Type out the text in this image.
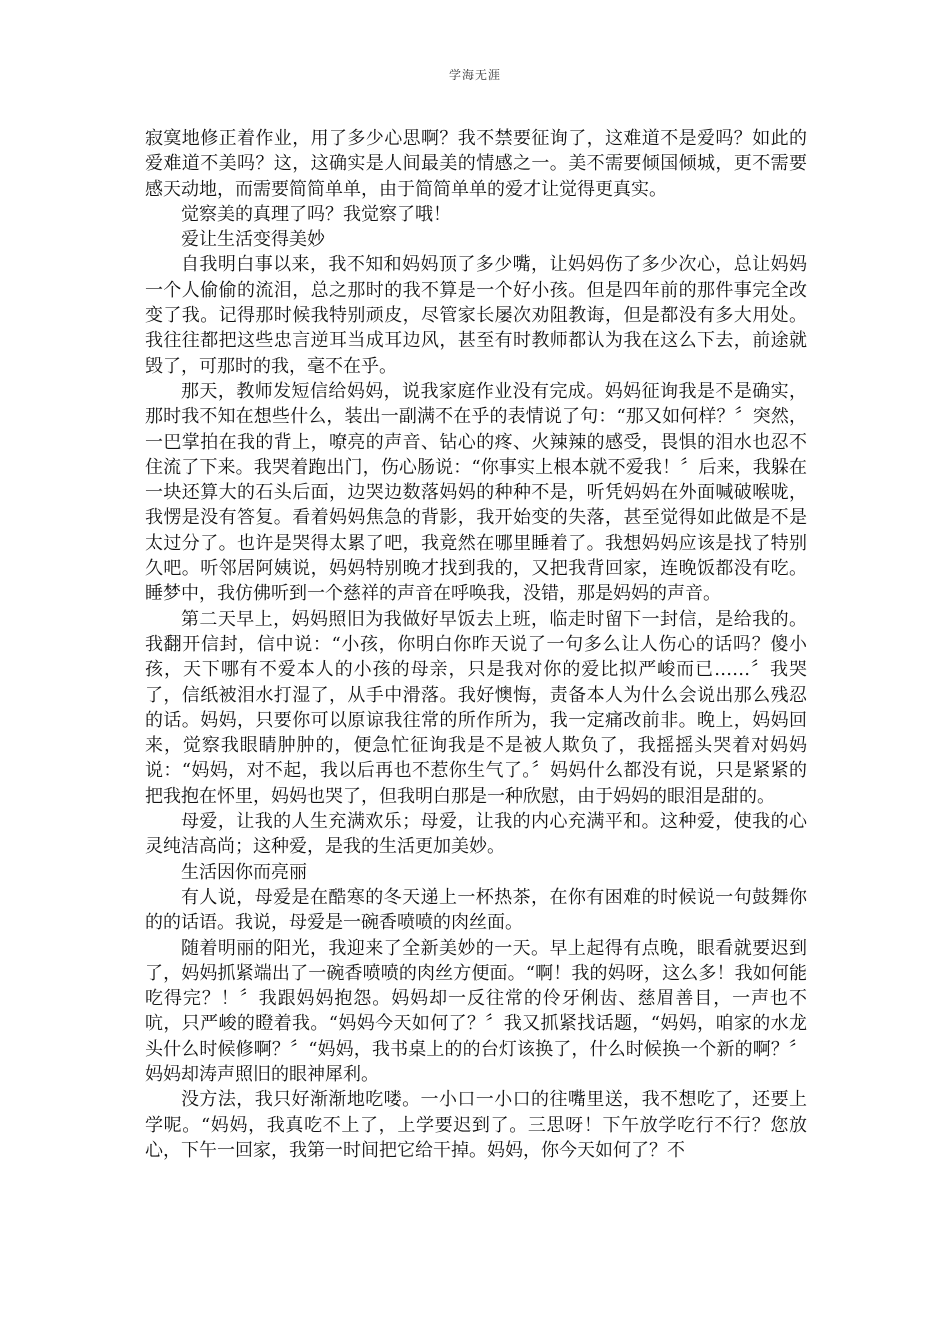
学海无涯

寂寞地修正着作业，用了多少心思啊？我不禁要征询了，这难道不是爱吗？如此的爱难道不美吗？这，这确实是人间最美的情感之一。美不需要倾国倾城，更不需要感天动地，而需要简简单单，由于简简单单的爱才让觉得更真实。

觉察美的真理了吗？我觉察了哦！

爱让生活变得美妙

自我明白事以来，我不知和妈妈顶了多少嘴，让妈妈伤了多少次心，总让妈妈一个人偷偷的流泪，总之那时的我不算是一个好小孩。但是四年前的那件事完全改变了我。记得那时候我特别顽皮，尽管家长屡次劝阻教诲，但是都没有多大用处。我往往都把这些忠言逆耳当成耳边风，甚至有时教师都认为我在这么下去，前途就毁了，可那时的我，毫不在乎。

那天，教师发短信给妈妈，说我家庭作业没有完成。妈妈征询我是不是确实，那时我不知在想些什么，装出一副满不在乎的表情说了句：“那又如何样？〞突然，一巴掌拍在我的背上，嘹亮的声音、钻心的疼、火辣辣的感受，畏惧的泪水也忍不住流了下来。我哭着跑出门，伤心肠说：“你事实上根本就不爱我！〞后来，我躲在一块还算大的石头后面，边哭边数落妈妈的种种不是，听凭妈妈在外面喊破喉咙，我愣是没有答复。看着妈妈焦急的背影，我开始变的失落，甚至觉得如此做是不是太过分了。也许是哭得太累了吧，我竟然在哪里睡着了。我想妈妈应该是找了特别久吧。听邻居阿姨说，妈妈特别晚才找到我的，又把我背回家，连晚饭都没有吃。睡梦中，我仿佛听到一个慈祥的声音在呼唤我，没错，那是妈妈的声音。

第二天早上，妈妈照旧为我做好早饭去上班，临走时留下一封信，是给我的。我翻开信封，信中说：“小孩，你明白你昨天说了一句多么让人伤心的话吗？傻小孩，天下哪有不爱本人的小孩的母亲，只是我对你的爱比拟严峻而已……〞我哭了，信纸被泪水打湿了，从手中滑落。我好懊悔，责备本人为什么会说出那么残忍的话。妈妈，只要你可以原谅我往常的所作所为，我一定痛改前非。晚上，妈妈回来，觉察我眼睛肿肿的，便急忙征询我是不是被人欺负了，我摇摇头哭着对妈妈说：“妈妈，对不起，我以后再也不惹你生气了。〞妈妈什么都没有说，只是紧紧的把我抱在怀里，妈妈也哭了，但我明白那是一种欣慰，由于妈妈的眼泪是甜的。

母爱，让我的人生充满欢乐；母爱，让我的内心充满平和。这种爱，使我的心灵纯洁高尚；这种爱，是我的生活更加美妙。

生活因你而亮丽

有人说，母爱是在酷寒的冬天递上一杯热茶，在你有困难的时候说一句鼓舞你的的话语。我说，母爱是一碗香喷喷的肉丝面。

随着明丽的阳光，我迎来了全新美妙的一天。早上起得有点晚，眼看就要迟到了，妈妈抓紧端出了一碗香喷喷的肉丝方便面。“啊！我的妈呀，这么多！我如何能吃得完？！〞我跟妈妈抱怨。妈妈却一反往常的伶牙俐齿、慈眉善目，一声也不吭，只严峻的瞪着我。“妈妈今天如何了？〞我又抓紧找话题，“妈妈，咱家的水龙头什么时候修啊？〞“妈妈，我书桌上的的台灯该换了，什么时候换一个新的啊？〞妈妈却涛声照旧的眼神犀利。

没方法，我只好渐渐地吃喽。一小口一小口的往嘴里送，我不想吃了，还要上学呢。“妈妈，我真吃不上了，上学要迟到了。三思呀！下午放学吃行不行？您放心，下午一回家，我第一时间把它给干掉。妈妈，你今天如何了？不
